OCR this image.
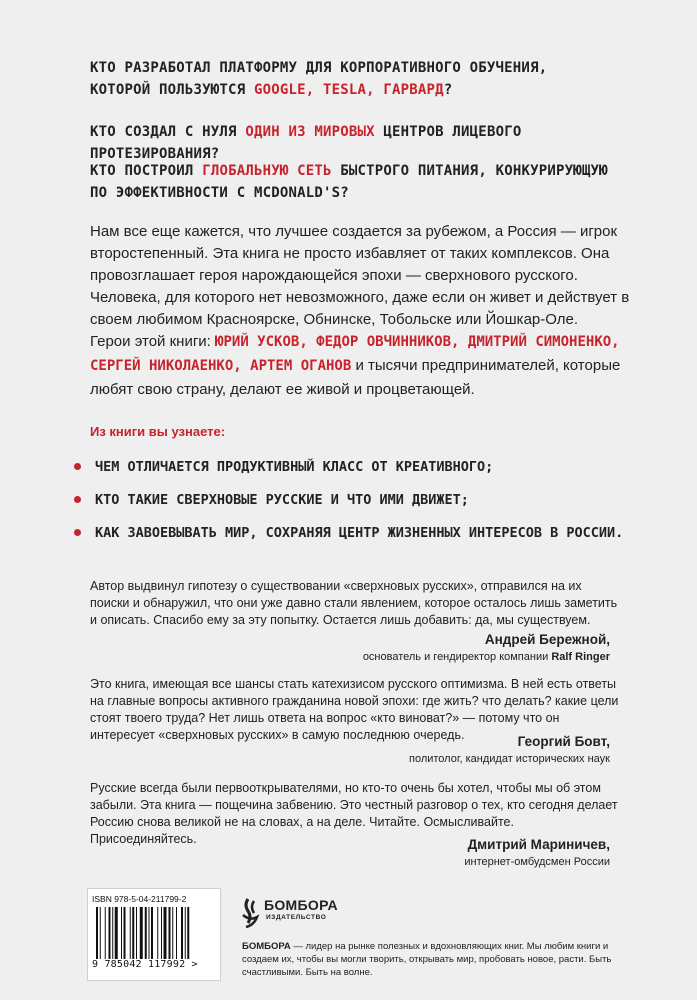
КТО РАЗРАБОТАЛ ПЛАТФОРМУ ДЛЯ КОРПОРАТИВНОГО ОБУЧЕНИЯ,
КОТОРОЙ ПОЛЬЗУЮТСЯ GOOGLE, TESLA, ГАРВАРД?
КТО СОЗДАЛ С НУЛЯ ОДИН ИЗ МИРОВЫХ ЦЕНТРОВ ЛИЦЕВОГО ПРОТЕЗИРОВАНИЯ?
КТО ПОСТРОИЛ ГЛОБАЛЬНУЮ СЕТЬ БЫСТРОГО ПИТАНИЯ, КОНКУРИРУЮЩУЮ
ПО ЭФФЕКТИВНОСТИ С MCDONALD'S?
Нам все еще кажется, что лучшее создается за рубежом, а Россия — игрок второстепенный. Эта книга не просто избавляет от таких комплексов. Она провозглашает героя нарождающейся эпохи — сверхнового русского. Человека, для которого нет невозможного, даже если он живет и действует в своем любимом Красноярске, Обнинске, Тобольске или Йошкар-Оле.
Герои этой книги: ЮРИЙ УСКОВ, ФЕДОР ОВЧИННИКОВ, ДМИТРИЙ СИМОНЕНКО, СЕРГЕЙ НИКОЛАЕНКО, АРТЕМ ОГАНОВ и тысячи предпринимателей, которые любят свою страну, делают ее живой и процветающей.
Из книги вы узнаете:
ЧЕМ ОТЛИЧАЕТСЯ ПРОДУКТИВНЫЙ КЛАСС ОТ КРЕАТИВНОГО;
КТО ТАКИЕ СВЕРХНОВЫЕ РУССКИЕ И ЧТО ИМИ ДВИЖЕТ;
КАК ЗАВОЕВЫВАТЬ МИР, СОХРАНЯЯ ЦЕНТР ЖИЗНЕННЫХ ИНТЕРЕСОВ В РОССИИ.
Автор выдвинул гипотезу о существовании «сверхновых русских», отправился на их поиски и обнаружил, что они уже давно стали явлением, которое осталось лишь заметить и описать. Спасибо ему за эту попытку. Остается лишь добавить: да, мы существуем.
Андрей Бережной,
основатель и гендиректор компании Ralf Ringer
Это книга, имеющая все шансы стать катехизисом русского оптимизма. В ней есть ответы на главные вопросы активного гражданина новой эпохи: где жить? что делать? какие цели стоят твоего труда? Нет лишь ответа на вопрос «кто виноват?» — потому что он интересует «сверхновых русских» в самую последнюю очередь.	Георгий Бовт,
политолог, кандидат исторических наук
Русские всегда были первооткрывателями, но кто-то очень бы хотел, чтобы мы об этом забыли. Эта книга — пощечина забвению. Это честный разговор о тех, кто сегодня делает Россию снова великой не на словах, а на деле. Читайте. Осмысливайте. Присоединяйтесь.	Дмитрий Мариничев,
интернет-омбудсмен России
ISBN 978-5-04-211799-2
9 785042 117992 >
БОМБОРА
ИЗДАТЕЛЬСТВО
БОМБОРА — лидер на рынке полезных и вдохновляющих книг. Мы любим книги и создаем их, чтобы вы могли творить, открывать мир, пробовать новое, расти. Быть счастливыми. Быть на волне.
